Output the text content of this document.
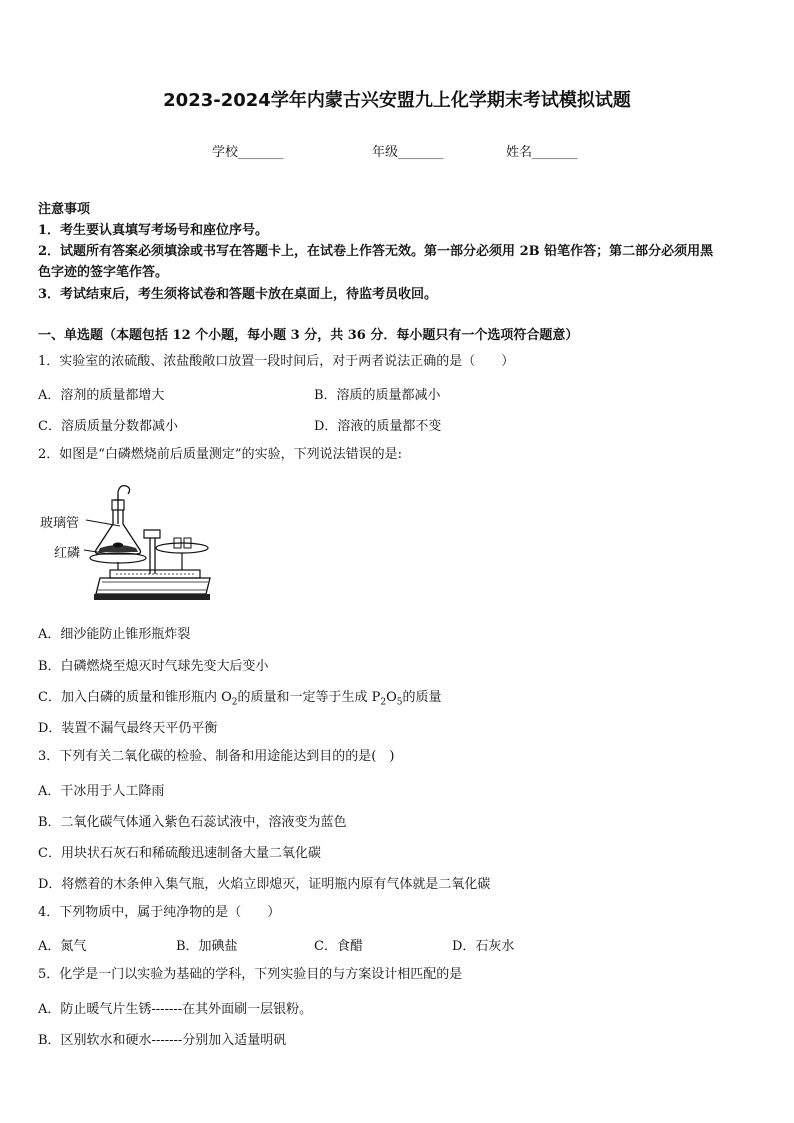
2023-2024学年内蒙古兴安盟九上化学期末考试模拟试题
学校_______	年级_______	姓名_______
注意事项
1．考生要认真填写考场号和座位序号。
2．试题所有答案必须填涂或书写在答题卡上，在试卷上作答无效。第一部分必须用 2B 铅笔作答；第二部分必须用黑
色字迹的签字笔作答。
3．考试结束后，考生须将试卷和答题卡放在桌面上，待监考员收回。
一、单选题（本题包括 12 个小题，每小题 3 分，共 36 分．每小题只有一个选项符合题意）
1．实验室的浓硫酸、浓盐酸敞口放置一段时间后，对于两者说法正确的是（　　）
A．溶剂的质量都增大	B．溶质的质量都减小
C．溶质质量分数都减小	D．溶液的质量都不变
2．如图是“白磷燃烧前后质量测定”的实验，下列说法错误的是:
玻璃管
红磷
A．细沙能防止锥形瓶炸裂
B．白磷燃烧至熄灭时气球先变大后变小
C．加入白磷的质量和锥形瓶内 $O_2$的质量和一定等于生成 $P_2O_5$的质量
D．装置不漏气最终天平仍平衡
3．下列有关二氧化碳的检验、制备和用途能达到目的的是(　)
A．干冰用于人工降雨
B．二氧化碳气体通入紫色石蕊试液中，溶液变为蓝色
C．用块状石灰石和稀硫酸迅速制备大量二氧化碳
D．将燃着的木条伸入集气瓶，火焰立即熄灭，证明瓶内原有气体就是二氧化碳
4．下列物质中，属于纯净物的是（　　）
A．氮气	B．加碘盐	C．食醋	D．石灰水
5．化学是一门以实验为基础的学科，下列实验目的与方案设计相匹配的是
A．防止暖气片生锈-------在其外面刷一层银粉。
B．区别软水和硬水-------分别加入适量明矾
